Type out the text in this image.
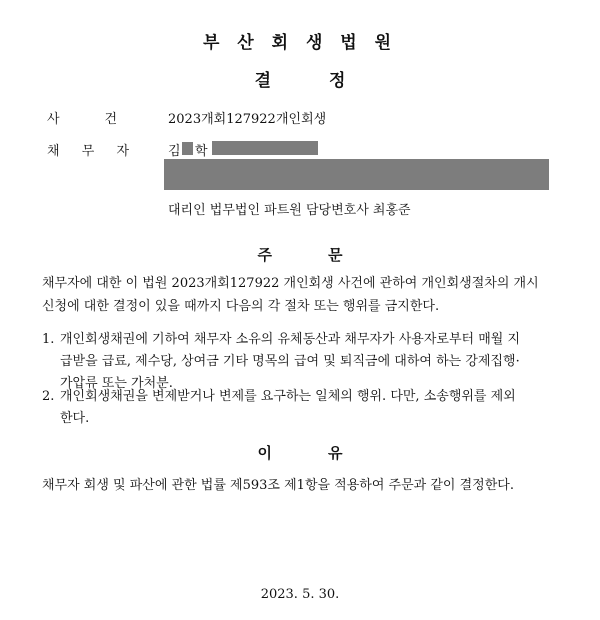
부 산 회 생 법 원
결	정
사	건	2023개회127922 개인회생
채 무 자	김 학
대리인 법무법인 파트원 담당변호사 최홍준
주	문
채무자에 대한 이 법원 2023개회127922 개인회생 사건에 관하여 개인회생절차의 개시
신청에 대한 결정이 있을 때까지 다음의 각 절차 또는 행위를 금지한다.
1. 개인회생채권에 기하여 채무자 소유의 유체동산과 채무자가 사용자로부터 매월 지
급받을 급료, 제수당, 상여금 기타 명목의 급여 및 퇴직금에 대하여 하는 강제집행·
가압류 또는 가처분.
2. 개인회생채권을 변제받거나 변제를 요구하는 일체의 행위. 다만, 소송행위를 제외
한다.
이	유
채무자 회생 및 파산에 관한 법률 제593조 제1항을 적용하여 주문과 같이 결정한다.
2023. 5. 30.
